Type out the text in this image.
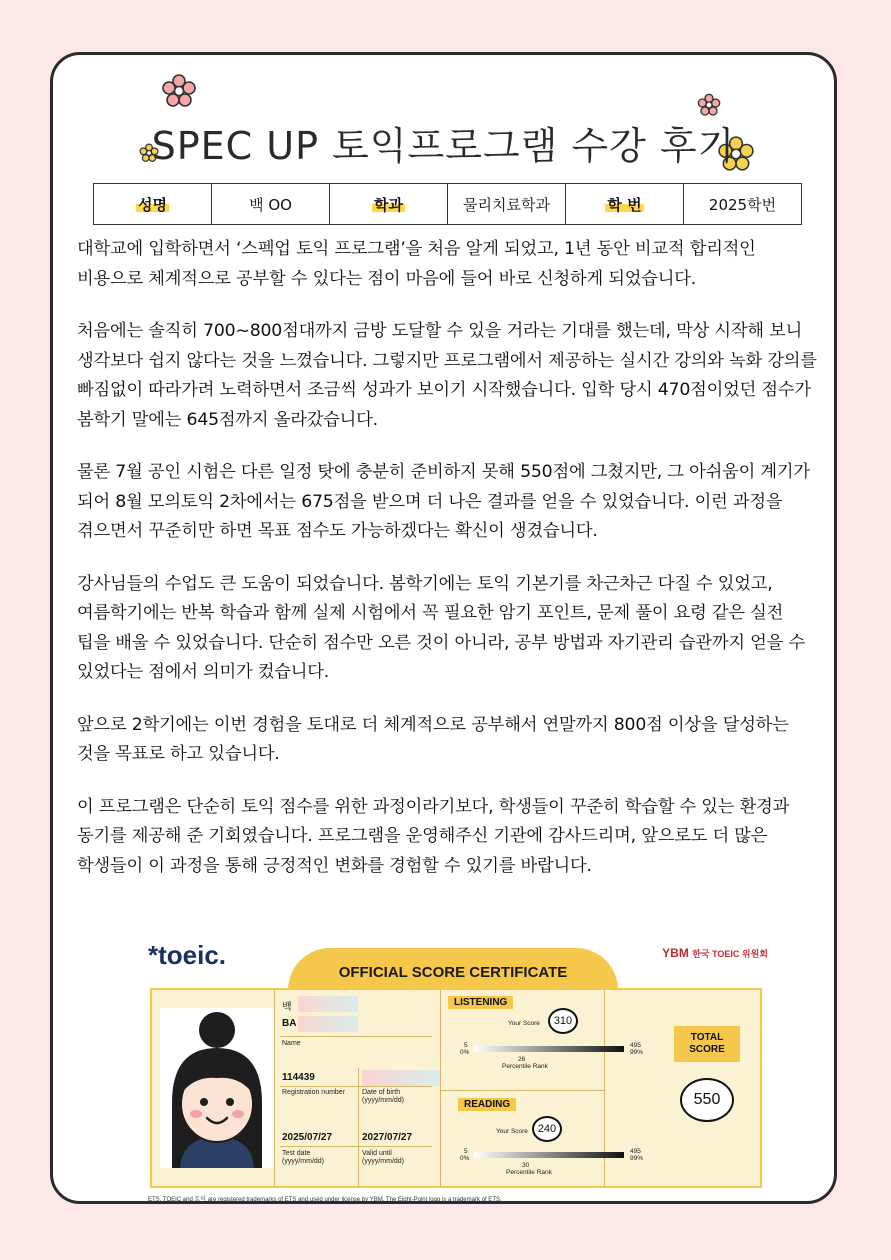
SPEC UP 토익프로그램 수강 후기
성명	백 OO	학과	물리치료학과	학 번	2025학번

대학교에 입학하면서 ‘스펙업 토익 프로그램’을 처음 알게 되었고, 1년 동안 비교적 합리적인 비용으로 체계적으로 공부할 수 있다는 점이 마음에 들어 바로 신청하게 되었습니다.

처음에는 솔직히 700~800점대까지 금방 도달할 수 있을 거라는 기대를 했는데, 막상 시작해 보니 생각보다 쉽지 않다는 것을 느꼈습니다. 그렇지만 프로그램에서 제공하는 실시간 강의와 녹화 강의를 빠짐없이 따라가려 노력하면서 조금씩 성과가 보이기 시작했습니다. 입학 당시 470점이었던 점수가 봄학기 말에는 645점까지 올라갔습니다.

물론 7월 공인 시험은 다른 일정 탓에 충분히 준비하지 못해 550점에 그쳤지만, 그 아쉬움이 계기가 되어 8월 모의토익 2차에서는 675점을 받으며 더 나은 결과를 얻을 수 있었습니다. 이런 과정을 겪으면서 꾸준히만 하면 목표 점수도 가능하겠다는 확신이 생겼습니다.

강사님들의 수업도 큰 도움이 되었습니다. 봄학기에는 토익 기본기를 차근차근 다질 수 있었고, 여름학기에는 반복 학습과 함께 실제 시험에서 꼭 필요한 암기 포인트, 문제 풀이 요령 같은 실전 팁을 배울 수 있었습니다. 단순히 점수만 오른 것이 아니라, 공부 방법과 자기관리 습관까지 얻을 수 있었다는 점에서 의미가 컸습니다.

앞으로 2학기에는 이번 경험을 토대로 더 체계적으로 공부해서 연말까지 800점 이상을 달성하는 것을 목표로 하고 있습니다.

이 프로그램은 단순히 토익 점수를 위한 과정이라기보다, 학생들이 꾸준히 학습할 수 있는 환경과 동기를 제공해 준 기회였습니다. 프로그램을 운영해주신 기관에 감사드리며, 앞으로도 더 많은 학생들이 이 과정을 통해 긍정적인 변화를 경험할 수 있기를 바랍니다.

*toeic.
OFFICIAL SCORE CERTIFICATE
YBM 한국 TOEIC 위원회
백
BA
Name
114439
Registration number	Date of birth (yyyy/mm/dd)
2025/07/27	2027/07/27
Test date (yyyy/mm/dd)
Valid until (yyyy/mm/dd)
LISTENING
Your Score	310
5
0%
495
99%
26
Percentile Rank
READING
Your Score 240
5
0%
495
99%
30
Percentile Rank
TOTAL SCORE
550
ETS, TOEIC and 토익 are registered trademarks of ETS and used under license by YBM. The Eight-Point logo is a trademark of ETS.
